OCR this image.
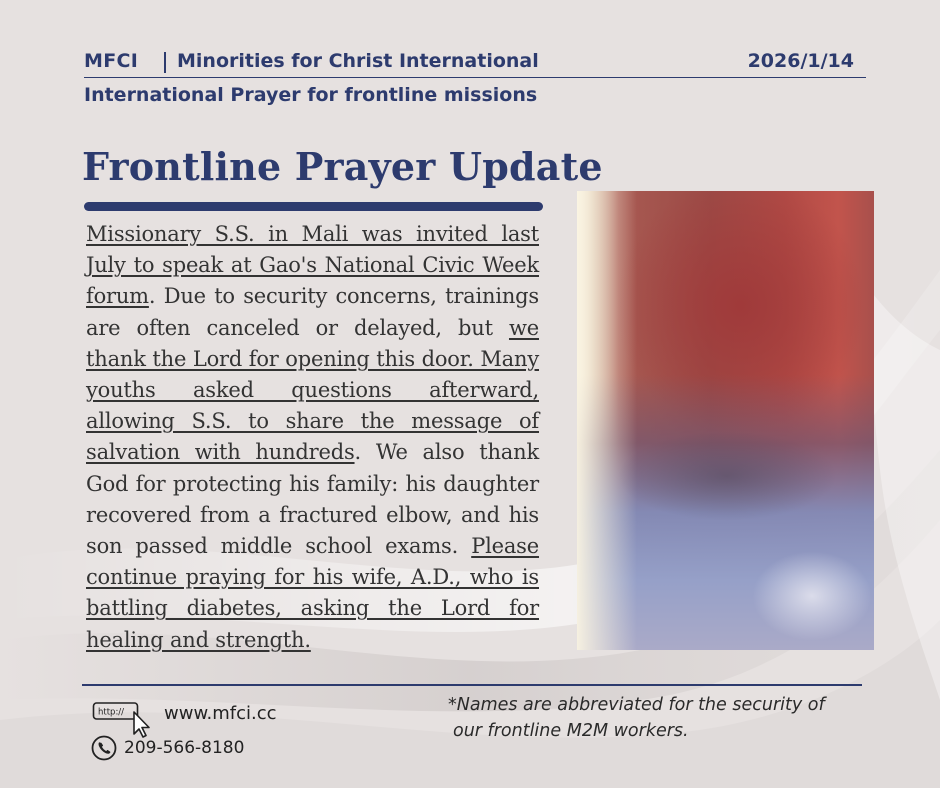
MFCI Minorities for Christ International	2026/1/14
International Prayer for frontline missions
Frontline Prayer Update
Missionary S.S. in Mali was invited last July to speak at Gao's National Civic Week forum. Due to security concerns, trainings are often canceled or delayed, but we thank the Lord for opening this door. Many youths asked questions afterward, allowing S.S. to share the message of salvation with hundreds. We also thank God for protecting his family: his daughter recovered from a fractured elbow, and his son passed middle school exams. Please continue praying for his wife, A.D., who is battling diabetes, asking the Lord for healing and strength.
http:// www.mfci.cc
209-566-8180
*Names are abbreviated for the security of
our frontline M2M workers.
